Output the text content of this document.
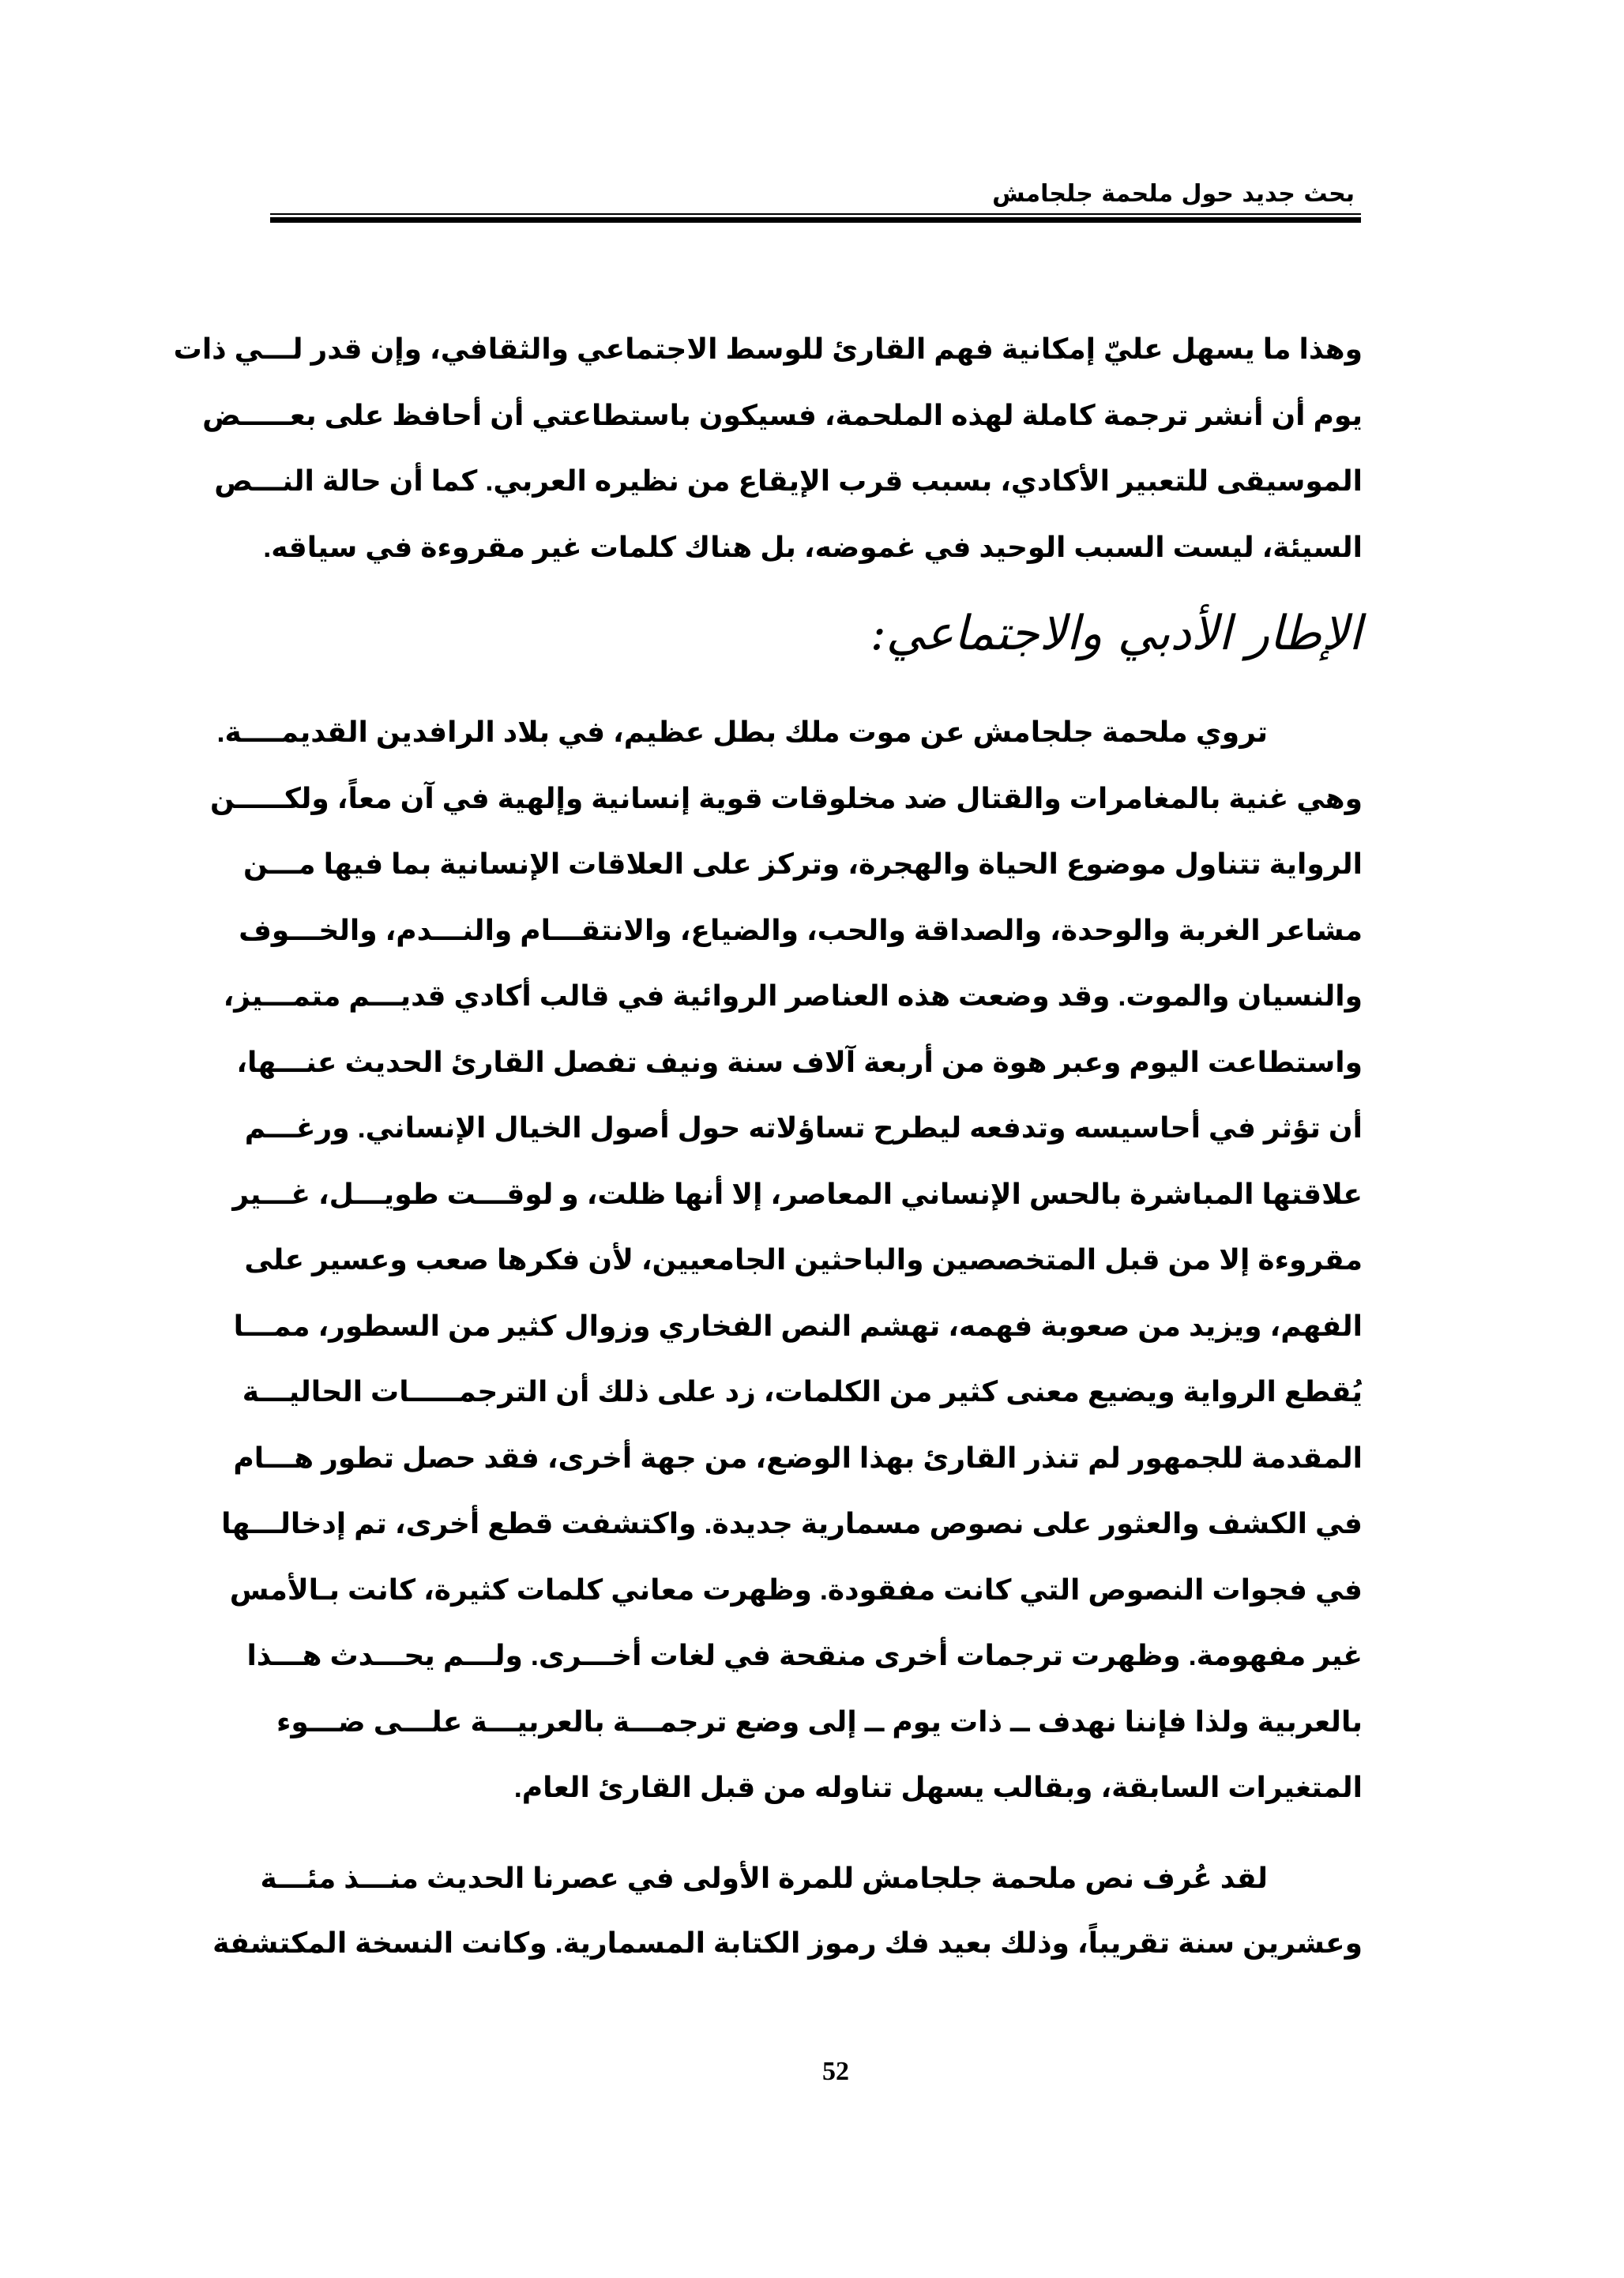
بحث جديد حول ملحمة جلجامش
وهذا ما يسهل عليّ إمكانية فهم القارئ للوسط الاجتماعي والثقافي، وإن قدر لـــي ذات
يوم أن أنشر ترجمة كاملة لهذه الملحمة، فسيكون باستطاعتي أن أحافظ على بعـــــض
الموسيقى للتعبير الأكادي، بسبب قرب الإيقاع من نظيره العربي. كما أن حالة النـــص
السيئة، ليست السبب الوحيد في غموضه، بل هناك كلمات غير مقروءة في سياقه.
الإطار الأدبي والاجتماعي:
تروي ملحمة جلجامش عن موت ملك بطل عظيم، في بلاد الرافدين القديمــــة.
وهي غنية بالمغامرات والقتال ضد مخلوقات قوية إنسانية وإلهية في آن معاً، ولكـــــن
الرواية تتناول موضوع الحياة والهجرة، وتركز على العلاقات الإنسانية بما فيها مـــن
مشاعر الغربة والوحدة، والصداقة والحب، والضياع، والانتقـــام والنـــدم، والخـــوف
والنسيان والموت. وقد وضعت هذه العناصر الروائية في قالب أكادي قديـــم متمـــيز،
واستطاعت اليوم وعبر هوة من أربعة آلاف سنة ونيف تفصل القارئ الحديث عنـــها،
أن تؤثر في أحاسيسه وتدفعه ليطرح تساؤلاته حول أصول الخيال الإنساني. ورغـــم
علاقتها المباشرة بالحس الإنساني المعاصر، إلا أنها ظلت، و لوقـــت طويـــل، غـــير
مقروءة إلا من قبل المتخصصين والباحثين الجامعيين، لأن فكرها صعب وعسير على
الفهم، ويزيد من صعوبة فهمه، تهشم النص الفخاري وزوال كثير من السطور، ممـــا
يُقطع الرواية ويضيع معنى كثير من الكلمات، زد على ذلك أن الترجمـــــات الحاليـــة
المقدمة للجمهور لم تنذر القارئ بهذا الوضع، من جهة أخرى، فقد حصل تطور هـــام
في الكشف والعثور على نصوص مسمارية جديدة. واكتشفت قطع أخرى، تم إدخالـــها
في فجوات النصوص التي كانت مفقودة. وظهرت معاني كلمات كثيرة، كانت بـالأمس
غير مفهومة. وظهرت ترجمات أخرى منقحة في لغات أخـــرى. ولـــم يحـــدث هـــذا
بالعربية ولذا فإننا نهدف ــ ذات يوم ــ إلى وضع ترجمـــة بالعربيـــة علـــى ضـــوء
المتغيرات السابقة، وبقالب يسهل تناوله من قبل القارئ العام.
لقد عُرف نص ملحمة جلجامش للمرة الأولى في عصرنا الحديث منـــذ مئـــة
وعشرين سنة تقريباً، وذلك بعيد فك رموز الكتابة المسمارية. وكانت النسخة المكتشفة
52
